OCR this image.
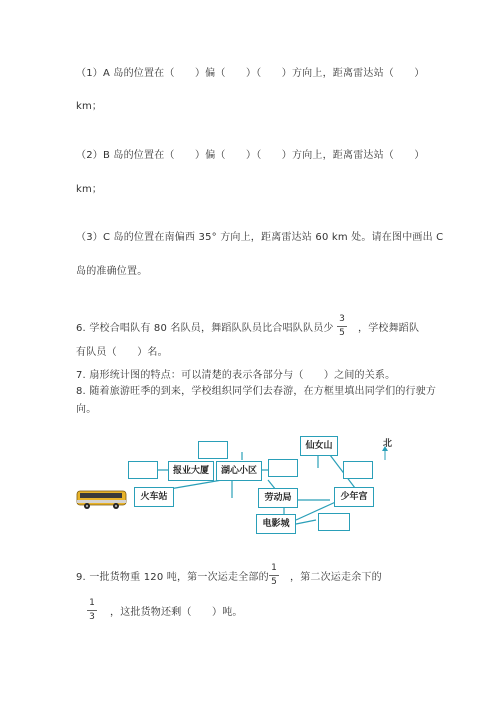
（1）A 岛的位置在（　　）偏（　　）（　　）方向上，距离雷达站（　　）
km；
（2）B 岛的位置在（　　）偏（　　）（　　）方向上，距离雷达站（　　）
km；
（3）C 岛的位置在南偏西 35° 方向上，距离雷达站 60 km 处。请在图中画出 C
岛的准确位置。
6. 学校合唱队有 80 名队员，舞蹈队队员比合唱队队员少
3
5	，学校舞蹈队
有队员（　　）名。
7. 扇形统计图的特点：可以清楚的表示各部分与（　　）之间的关系。
8. 随着旅游旺季的到来，学校组织同学们去春游，在方框里填出同学们的行驶方
向。
报业大厦	湖心小区
火车站	劳动局
仙女山
少年宫
电影城
北
9. 一批货物重 120 吨，第一次运走全部的
1
5	，第二次运走余下的
1
3	，这批货物还剩（　　）吨。
